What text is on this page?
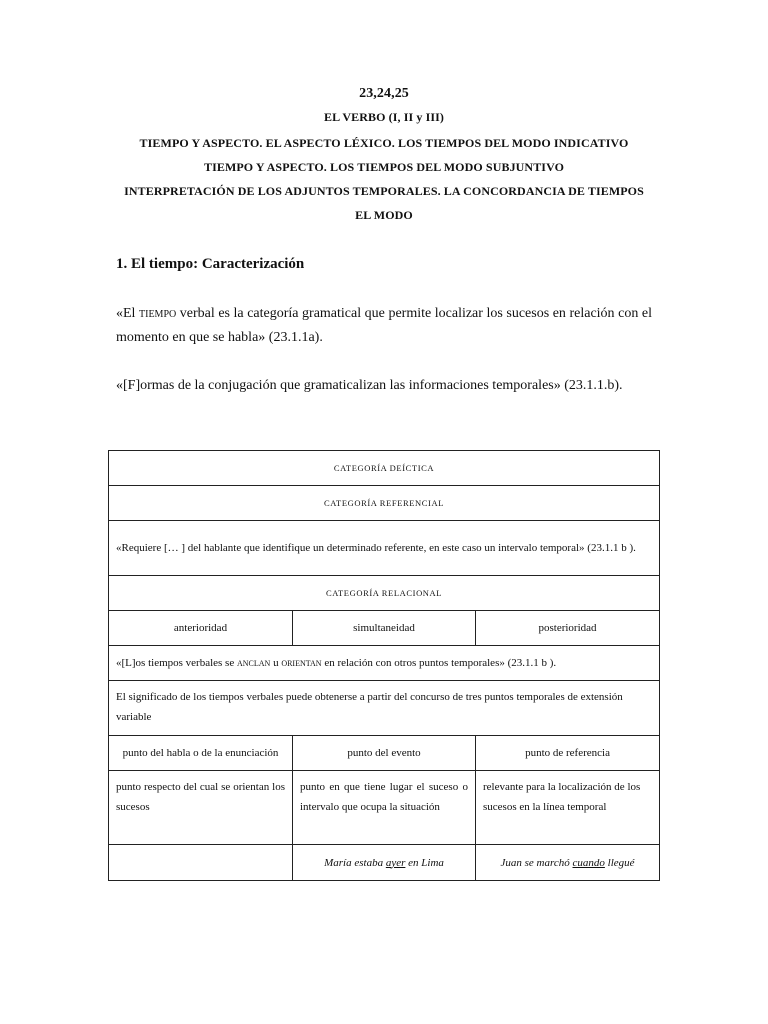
23,24,25
EL VERBO (I, II y III)
TIEMPO Y ASPECTO. EL ASPECTO LÉXICO. LOS TIEMPOS DEL MODO INDICATIVO
TIEMPO Y ASPECTO. LOS TIEMPOS DEL MODO SUBJUNTIVO
INTERPRETACIÓN DE LOS ADJUNTOS TEMPORALES. LA CONCORDANCIA DE TIEMPOS
EL MODO
1. El tiempo: Caracterización

«El tiempo verbal es la categoría gramatical que permite localizar los sucesos en relación con el momento en que se habla» (23.1.1a).

«[F]ormas de la conjugación que gramaticalizan las informaciones temporales» (23.1.1.b).

CATEGORÍA DEÍCTICA		
CATEGORÍA REFERENCIAL		
«Requiere [… ] del hablante que identifique un determinado referente, en este caso un intervalo temporal» (23.1.1 b ).		
CATEGORÍA RELACIONAL		
anterioridad	simultaneidad	posterioridad
«[L]os tiempos verbales se anclan u orientan en relación con otros puntos temporales» (23.1.1 b ).		
El significado de los tiempos verbales puede obtenerse a partir del concurso de tres puntos temporales de extensión variable		
punto del habla o de la enunciación	punto del evento	punto de referencia
punto respecto del cual se orientan los sucesos	punto en que tiene lugar el suceso o intervalo que ocupa la situación	relevante para la localización de los sucesos en la línea temporal
	María estaba ayer en Lima	Juan se marchó cuando llegué
